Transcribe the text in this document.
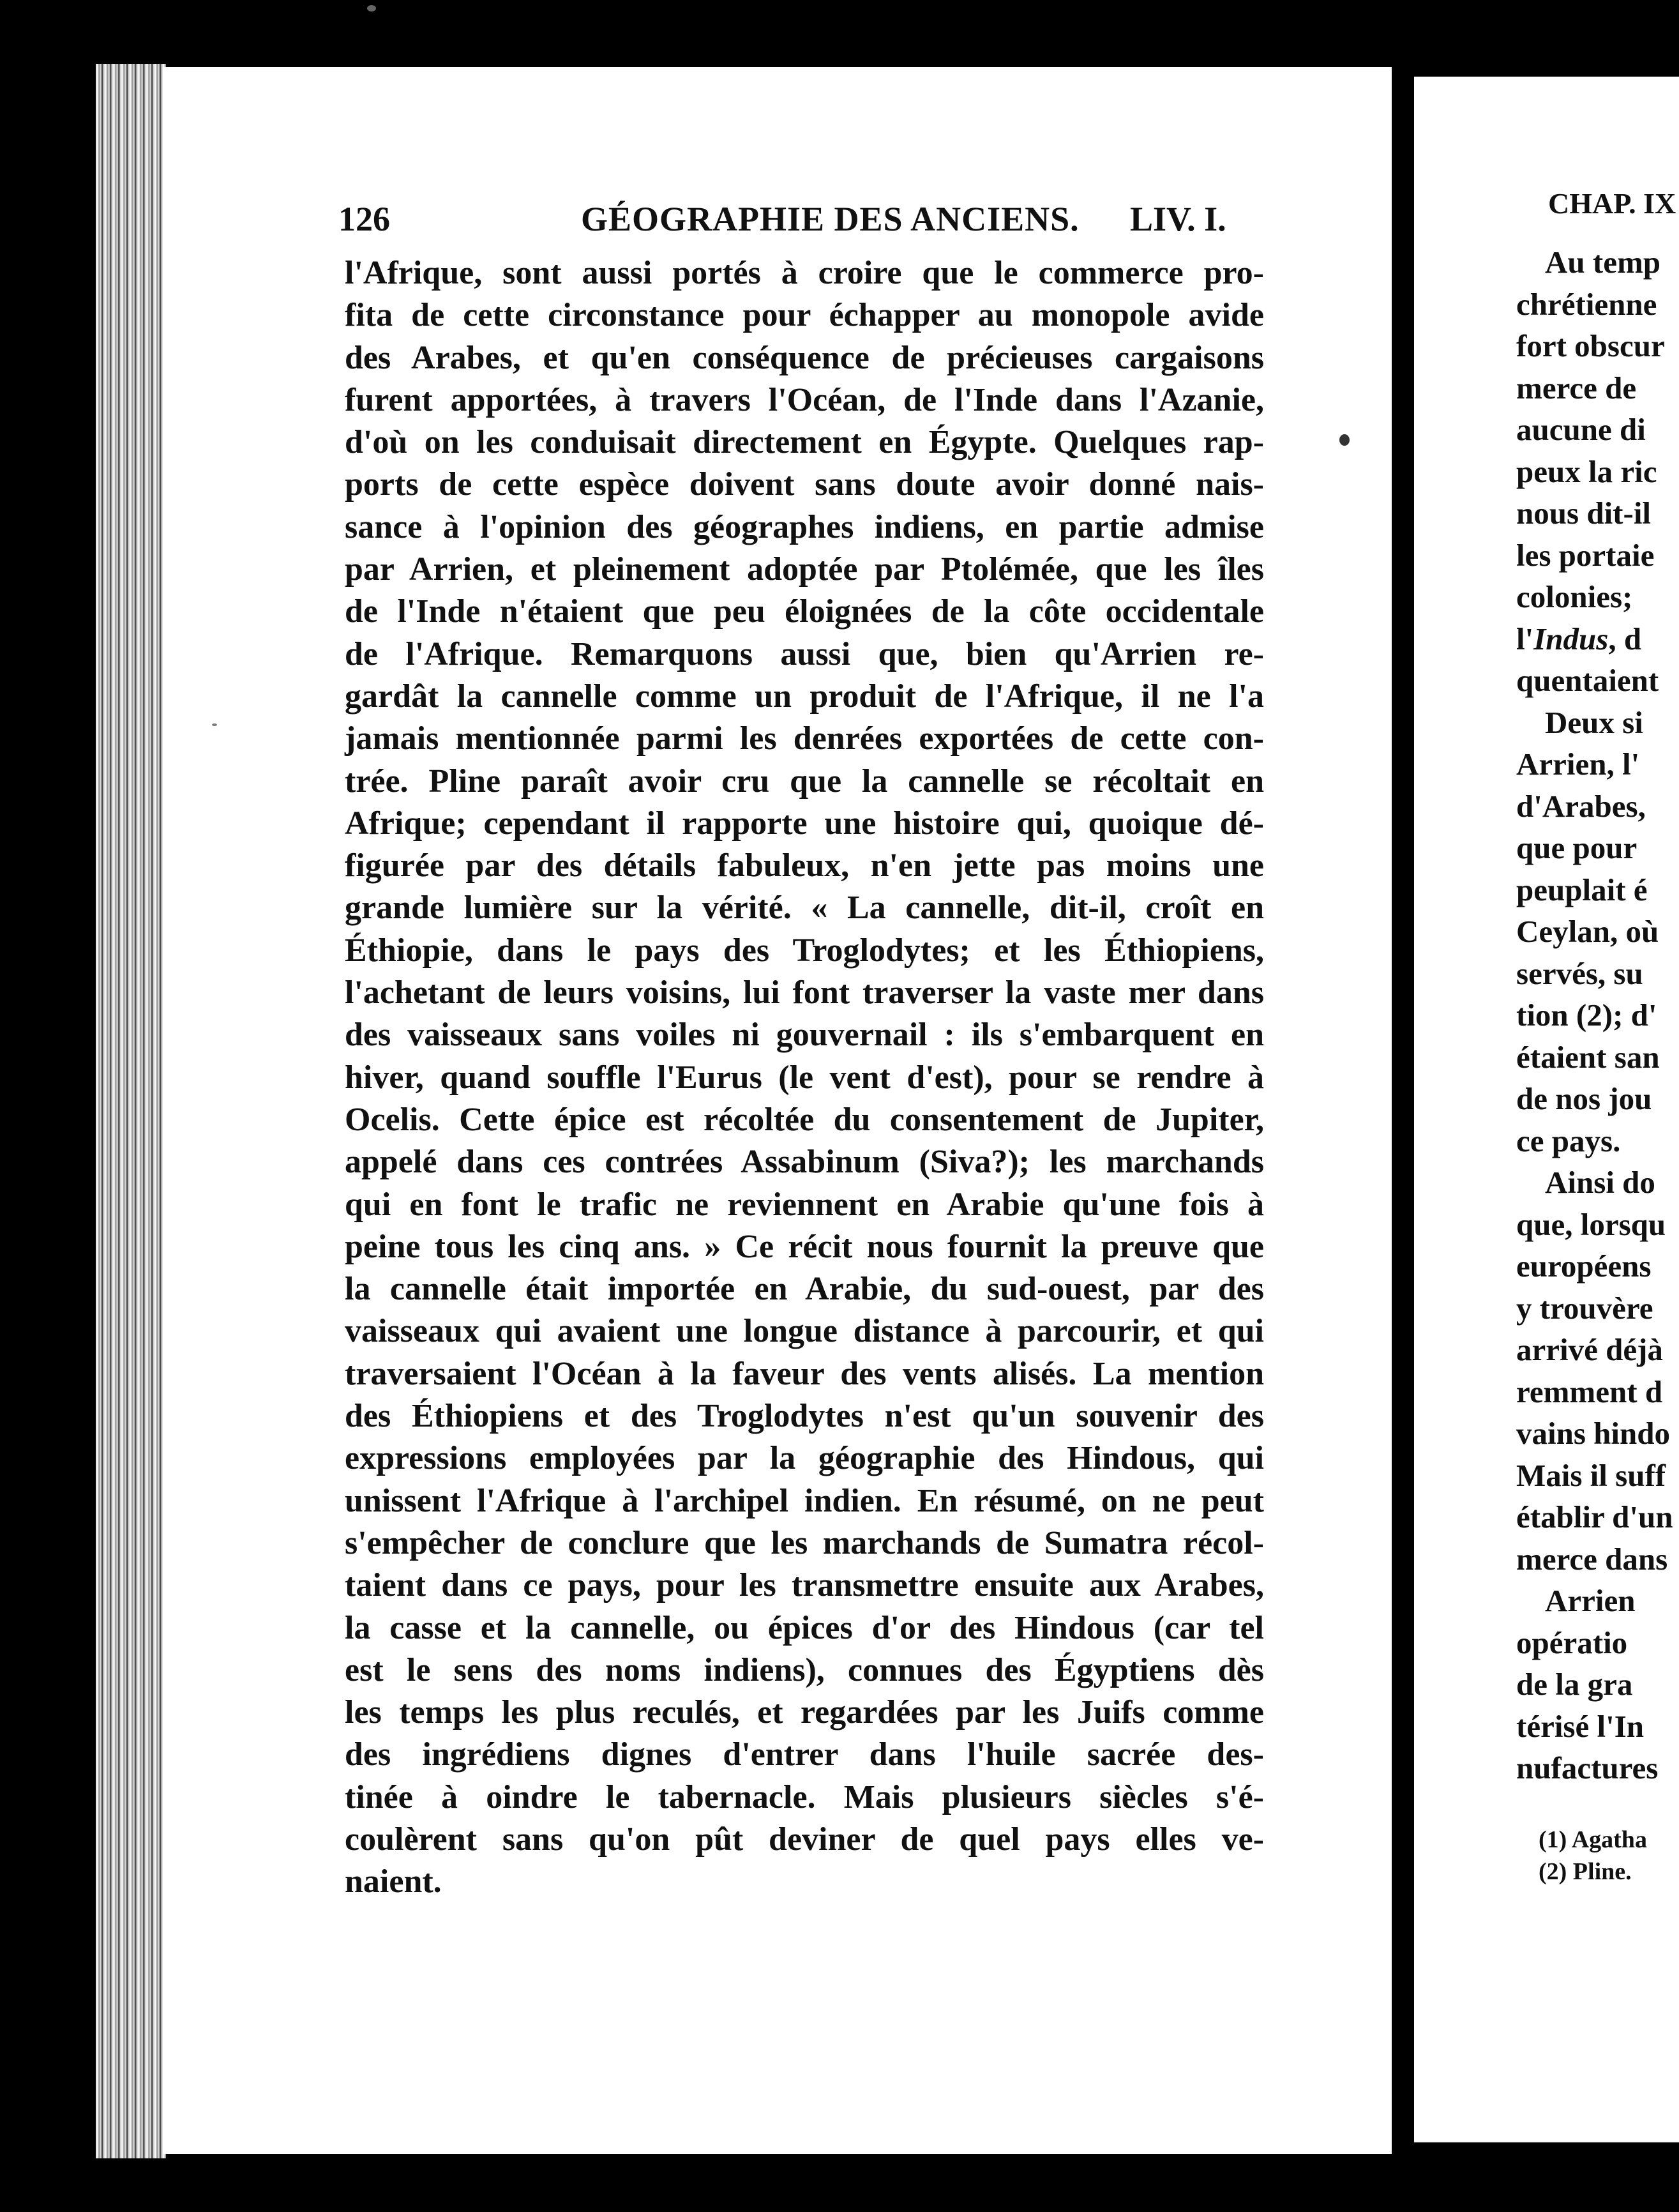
126	GÉOGRAPHIE DES ANCIENS. LIV. I.
l'Afrique, sont aussi portés à croire que le commerce pro-
fita de cette circonstance pour échapper au monopole avide
des Arabes, et qu'en conséquence de précieuses cargaisons
furent apportées, à travers l'Océan, de l'Inde dans l'Azanie,
d'où on les conduisait directement en Égypte. Quelques rap-
ports de cette espèce doivent sans doute avoir donné nais-
sance à l'opinion des géographes indiens, en partie admise
par Arrien, et pleinement adoptée par Ptolémée, que les îles
de l'Inde n'étaient que peu éloignées de la côte occidentale
de l'Afrique. Remarquons aussi que, bien qu'Arrien re-
gardât la cannelle comme un produit de l'Afrique, il ne l'a
jamais mentionnée parmi les denrées exportées de cette con-
trée. Pline paraît avoir cru que la cannelle se récoltait en
Afrique; cependant il rapporte une histoire qui, quoique dé-
figurée par des détails fabuleux, n'en jette pas moins une
grande lumière sur la vérité. « La cannelle, dit-il, croît en
Éthiopie, dans le pays des Troglodytes; et les Éthiopiens,
l'achetant de leurs voisins, lui font traverser la vaste mer dans
des vaisseaux sans voiles ni gouvernail : ils s'embarquent en
hiver, quand souffle l'Eurus (le vent d'est), pour se rendre à
Ocelis. Cette épice est récoltée du consentement de Jupiter,
appelé dans ces contrées Assabinum (Siva?); les marchands
qui en font le trafic ne reviennent en Arabie qu'une fois à
peine tous les cinq ans. » Ce récit nous fournit la preuve que
la cannelle était importée en Arabie, du sud-ouest, par des
vaisseaux qui avaient une longue distance à parcourir, et qui
traversaient l'Océan à la faveur des vents alisés. La mention
des Éthiopiens et des Troglodytes n'est qu'un souvenir des
expressions employées par la géographie des Hindous, qui
unissent l'Afrique à l'archipel indien. En résumé, on ne peut
s'empêcher de conclure que les marchands de Sumatra récol-
taient dans ce pays, pour les transmettre ensuite aux Arabes,
la casse et la cannelle, ou épices d'or des Hindous (car tel
est le sens des noms indiens), connues des Égyptiens dès
les temps les plus reculés, et regardées par les Juifs comme
des ingrédiens dignes d'entrer dans l'huile sacrée des-
tinée à oindre le tabernacle. Mais plusieurs siècles s'é-
coulèrent sans qu'on pût deviner de quel pays elles ve-
naient.
CHAP. IX
Au temp
chrétienne
fort obscur
merce de
aucune di
peux la ric
nous dit-il
les portaie
colonies;
l'Indus, d
quentaient
Deux si
Arrien, l'
d'Arabes,
que pour
peuplait é
Ceylan, où
servés, su
tion (2); d'
étaient san
de nos jou
ce pays.
Ainsi do
que, lorsqu
européens
y trouvère
arrivé déjà
remment d
vains hindo
Mais il suff
établir d'un
merce dans
Arrien
opératio
de la gra
térisé l'In
nufactures
(1) Agatha
(2) Pline.
